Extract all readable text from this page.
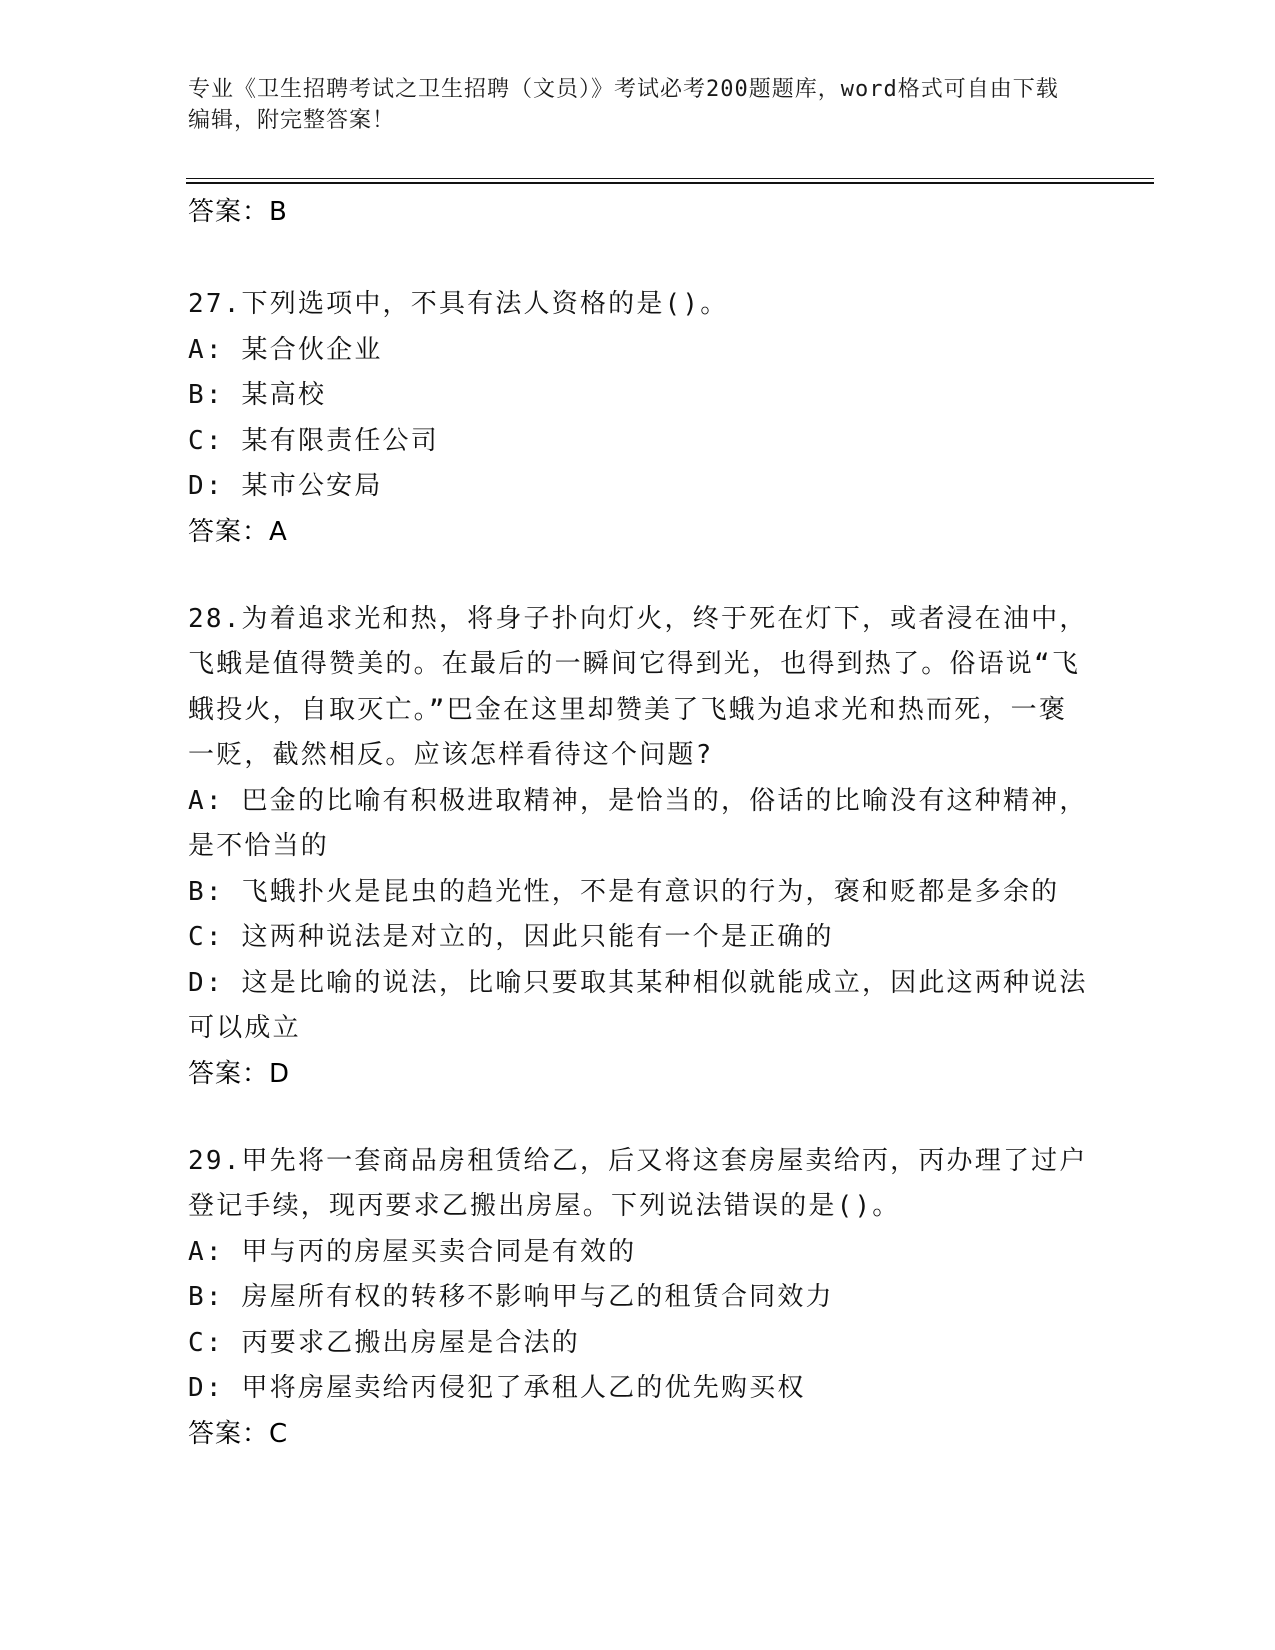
专业《卫生招聘考试之卫生招聘（文员）》考试必考200题题库，word格式可自由下载编辑，附完整答案！
答案：B
27.下列选项中，不具有法人资格的是()。
A: 某合伙企业
B: 某高校
C: 某有限责任公司
D: 某市公安局
答案：A
28.为着追求光和热，将身子扑向灯火，终于死在灯下，或者浸在油中，飞蛾是值得赞美的。在最后的一瞬间它得到光，也得到热了。俗语说“飞蛾投火，自取灭亡。”巴金在这里却赞美了飞蛾为追求光和热而死，一褒一贬，截然相反。应该怎样看待这个问题?
A: 巴金的比喻有积极进取精神，是恰当的，俗话的比喻没有这种精神，是不恰当的
B: 飞蛾扑火是昆虫的趋光性，不是有意识的行为，褒和贬都是多余的
C: 这两种说法是对立的，因此只能有一个是正确的
D: 这是比喻的说法，比喻只要取其某种相似就能成立，因此这两种说法可以成立
答案：D
29.甲先将一套商品房租赁给乙，后又将这套房屋卖给丙，丙办理了过户登记手续，现丙要求乙搬出房屋。下列说法错误的是()。
A: 甲与丙的房屋买卖合同是有效的
B: 房屋所有权的转移不影响甲与乙的租赁合同效力
C: 丙要求乙搬出房屋是合法的
D: 甲将房屋卖给丙侵犯了承租人乙的优先购买权
答案：C
